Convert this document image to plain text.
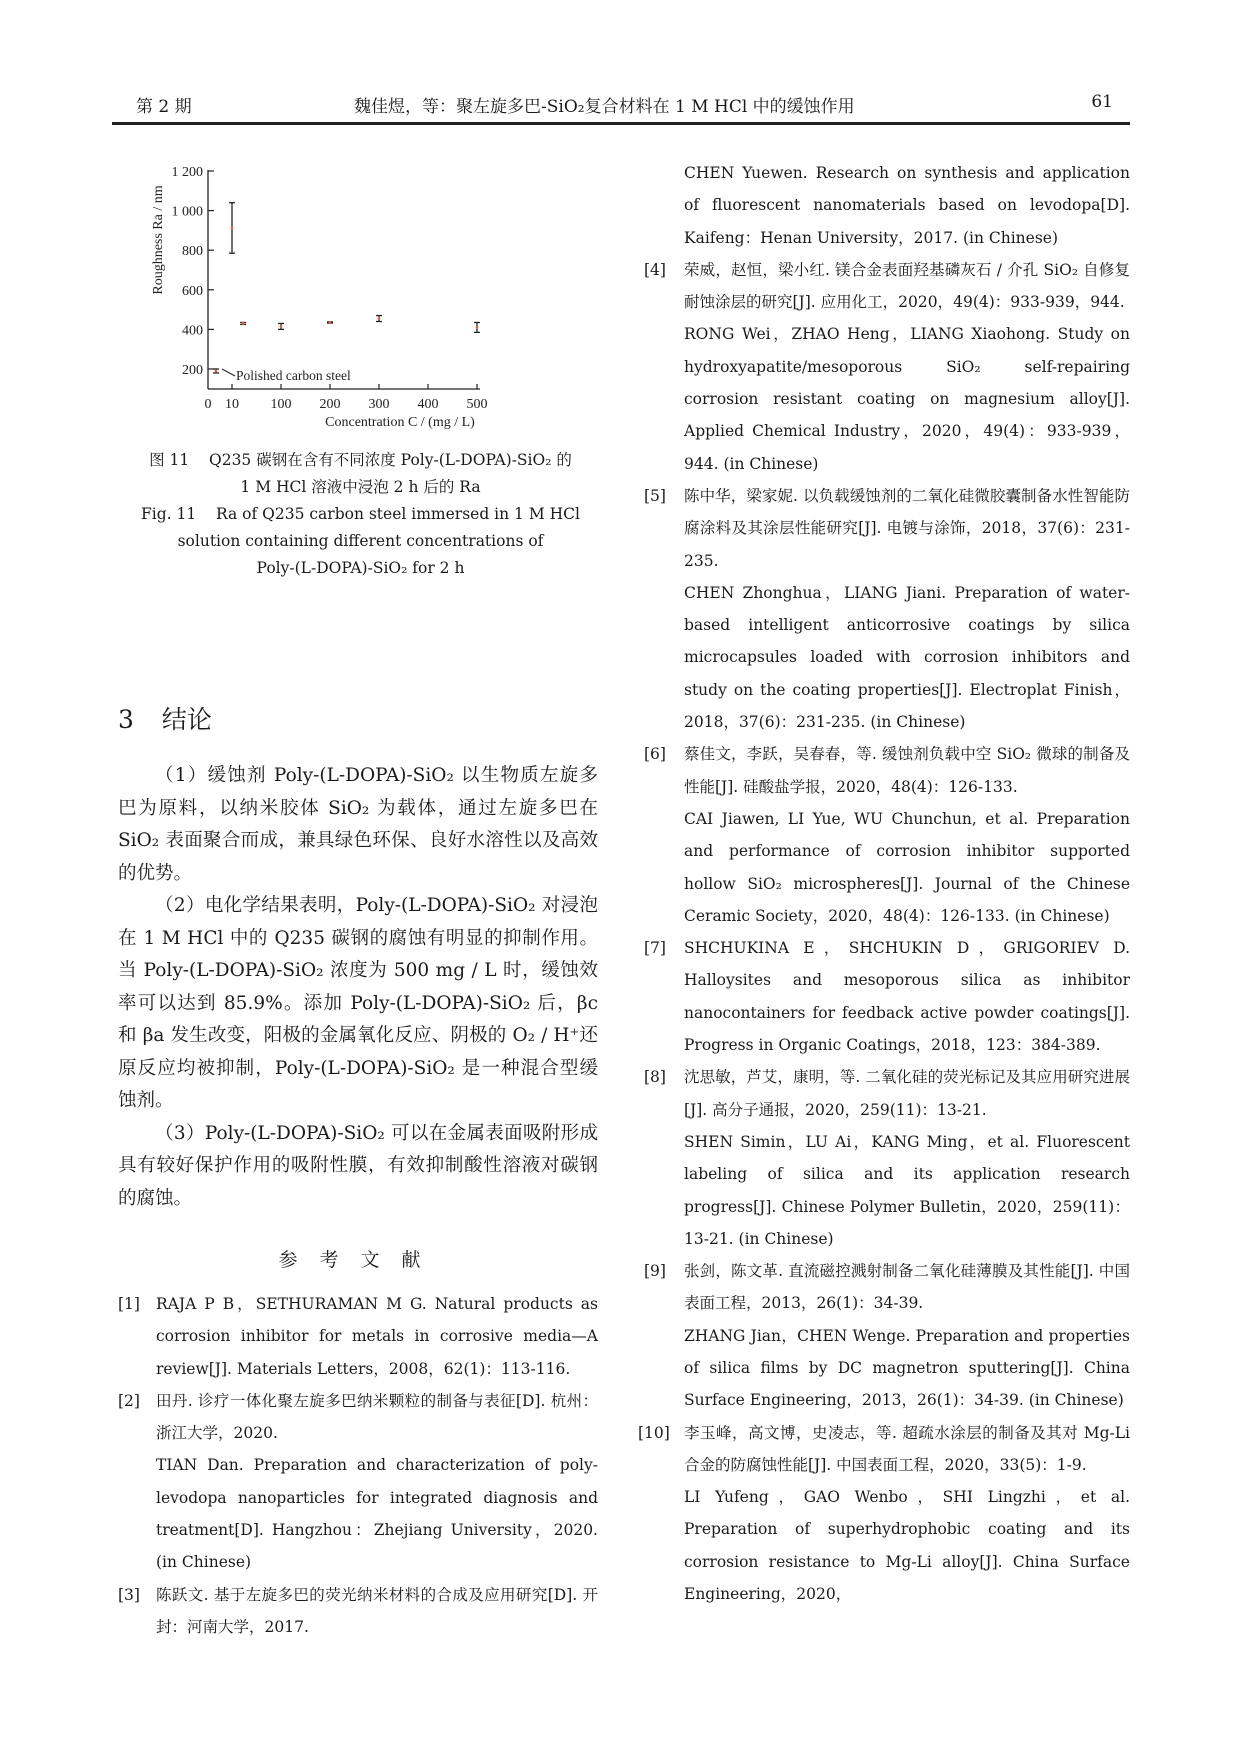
第 2 期	魏佳煜，等：聚左旋多巴-SiO₂复合材料在 1 M HCl 中的缓蚀作用	61
200
400
600
800
1 000
1 200
0 10 100 200 300 400 500
Roughness Ra / nm
Concentration C / (mg / L)
Polished carbon steel
图 11 Q235 碳钢在含有不同浓度 Poly-(L-DOPA)-SiO₂ 的
1 M HCl 溶液中浸泡 2 h 后的 Ra
Fig. 11 Ra of Q235 carbon steel immersed in 1 M HCl
solution containing different concentrations of
Poly-(L-DOPA)-SiO₂ for 2 h
3 结论

（1）缓蚀剂 Poly-(L-DOPA)-SiO₂ 以生物质左旋多巴为原料，以纳米胶体 SiO₂ 为载体，通过左旋多巴在 SiO₂ 表面聚合而成，兼具绿色环保、良好水溶性以及高效的优势。

（2）电化学结果表明，Poly-(L-DOPA)-SiO₂ 对浸泡在 1 M HCl 中的 Q235 碳钢的腐蚀有明显的抑制作用。当 Poly-(L-DOPA)-SiO₂ 浓度为 500 mg / L 时，缓蚀效率可以达到 85.9%。添加 Poly-(L-DOPA)-SiO₂ 后，βc 和 βa 发生改变，阳极的金属氧化反应、阴极的 O₂ / H⁺还原反应均被抑制，Poly-(L-DOPA)-SiO₂ 是一种混合型缓蚀剂。

（3）Poly-(L-DOPA)-SiO₂ 可以在金属表面吸附形成具有较好保护作用的吸附性膜，有效抑制酸性溶液对碳钢的腐蚀。

参考文献
[1] RAJA P B，SETHURAMAN M G. Natural products as corrosion inhibitor for metals in corrosive media—A review[J]. Materials Letters，2008，62(1)：113-116.
[2] 田丹. 诊疗一体化聚左旋多巴纳米颗粒的制备与表征[D]. 杭州：浙江大学，2020.
TIAN Dan. Preparation and characterization of poly-levodopa nanoparticles for integrated diagnosis and treatment[D]. Hangzhou：Zhejiang University，2020. (in Chinese)
[3] 陈跃文. 基于左旋多巴的荧光纳米材料的合成及应用研究[D]. 开封：河南大学，2017.
CHEN Yuewen. Research on synthesis and application of fluorescent nanomaterials based on levodopa[D]. Kaifeng：Henan University，2017. (in Chinese)
[4] 荣威，赵恒，梁小红. 镁合金表面羟基磷灰石 / 介孔 SiO₂ 自修复耐蚀涂层的研究[J]. 应用化工，2020，49(4)：933-939，944.
RONG Wei，ZHAO Heng，LIANG Xiaohong. Study on hydroxyapatite/mesoporous SiO₂ self-repairing corrosion resistant coating on magnesium alloy[J]. Applied Chemical Industry，2020，49(4)：933-939，944. (in Chinese)
[5] 陈中华，梁家妮. 以负载缓蚀剂的二氧化硅微胶囊制备水性智能防腐涂料及其涂层性能研究[J]. 电镀与涂饰，2018，37(6)：231-235.
CHEN Zhonghua，LIANG Jiani. Preparation of water-based intelligent anticorrosive coatings by silica microcapsules loaded with corrosion inhibitors and study on the coating properties[J]. Electroplat Finish，2018，37(6)：231-235. (in Chinese)
[6] 蔡佳文，李跃，吴春春，等. 缓蚀剂负载中空 SiO₂ 微球的制备及性能[J]. 硅酸盐学报，2020，48(4)：126-133.
CAI Jiawen, LI Yue, WU Chunchun, et al. Preparation and performance of corrosion inhibitor supported hollow SiO₂ microspheres[J]. Journal of the Chinese Ceramic Society，2020，48(4)：126-133. (in Chinese)
[7] SHCHUKINA E，SHCHUKIN D，GRIGORIEV D. Halloysites and mesoporous silica as inhibitor nanocontainers for feedback active powder coatings[J]. Progress in Organic Coatings，2018，123：384-389.
[8] 沈思敏，芦艾，康明，等. 二氧化硅的荧光标记及其应用研究进展[J]. 高分子通报，2020，259(11)：13-21.
SHEN Simin，LU Ai，KANG Ming，et al. Fluorescent labeling of silica and its application research progress[J]. Chinese Polymer Bulletin，2020，259(11)：13-21. (in Chinese)
[9] 张剑，陈文革. 直流磁控溅射制备二氧化硅薄膜及其性能[J]. 中国表面工程，2013，26(1)：34-39.
ZHANG Jian，CHEN Wenge. Preparation and properties of silica films by DC magnetron sputtering[J]. China Surface Engineering，2013，26(1)：34-39. (in Chinese)
[10] 李玉峰，高文博，史凌志，等. 超疏水涂层的制备及其对 Mg-Li 合金的防腐蚀性能[J]. 中国表面工程，2020，33(5)：1-9.
LI Yufeng，GAO Wenbo，SHI Lingzhi，et al. Preparation of superhydrophobic coating and its corrosion resistance to Mg-Li alloy[J]. China Surface Engineering，2020，
